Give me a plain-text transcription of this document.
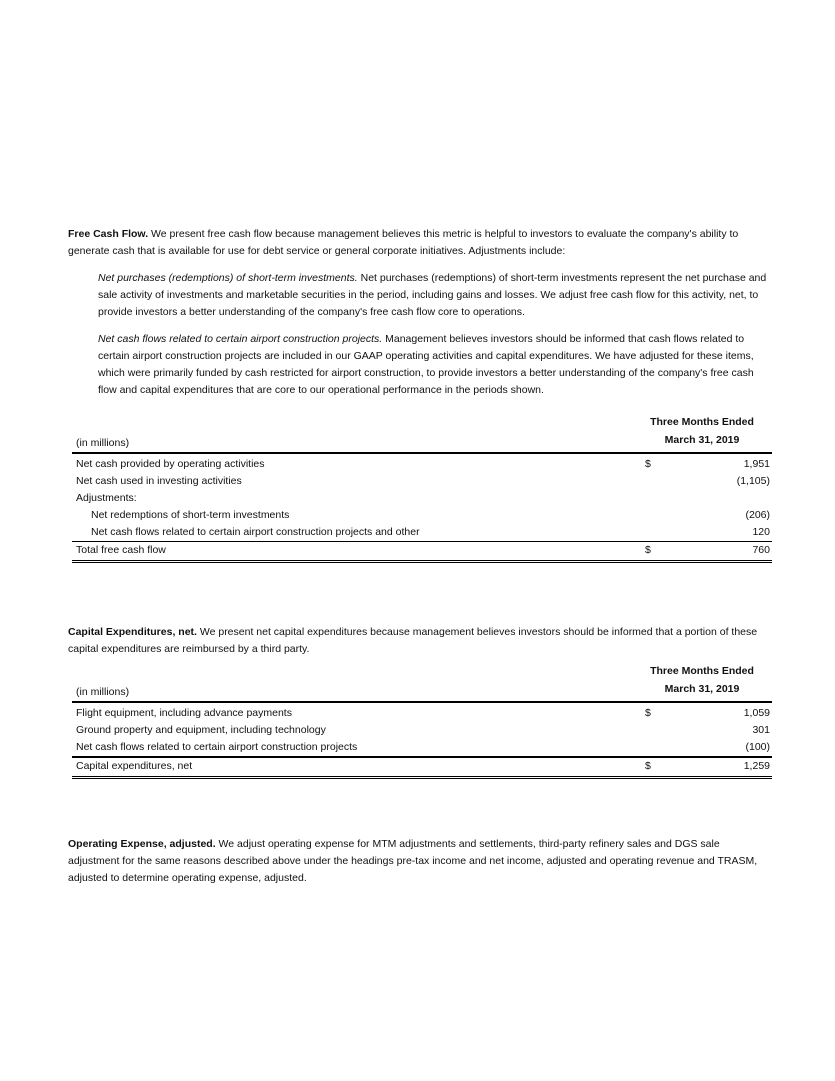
Free Cash Flow. We present free cash flow because management believes this metric is helpful to investors to evaluate the company's ability to generate cash that is available for use for debt service or general corporate initiatives. Adjustments include:

Net purchases (redemptions) of short-term investments. Net purchases (redemptions) of short-term investments represent the net purchase and sale activity of investments and marketable securities in the period, including gains and losses. We adjust free cash flow for this activity, net, to provide investors a better understanding of the company's free cash flow core to operations.

Net cash flows related to certain airport construction projects. Management believes investors should be informed that cash flows related to certain airport construction projects are included in our GAAP operating activities and capital expenditures. We have adjusted for these items, which were primarily funded by cash restricted for airport construction, to provide investors a better understanding of the company's free cash flow and capital expenditures that are core to our operational performance in the periods shown.

(in millions)
Three Months Ended
March 31, 2019
Net cash provided by operating activities	$	1,951
Net cash used in investing activities	(1,105)
Adjustments:
Net redemptions of short-term investments	(206)
Net cash flows related to certain airport construction projects and other	120
Total free cash flow	$	760

Capital Expenditures, net. We present net capital expenditures because management believes investors should be informed that a portion of these capital expenditures are reimbursed by a third party.

(in millions)
Three Months Ended
March 31, 2019
Flight equipment, including advance payments	$	1,059
Ground property and equipment, including technology	301
Net cash flows related to certain airport construction projects	(100)
Capital expenditures, net	$	1,259

Operating Expense, adjusted. We adjust operating expense for MTM adjustments and settlements, third-party refinery sales and DGS sale adjustment for the same reasons described above under the headings pre-tax income and net income, adjusted and operating revenue and TRASM, adjusted to determine operating expense, adjusted.
